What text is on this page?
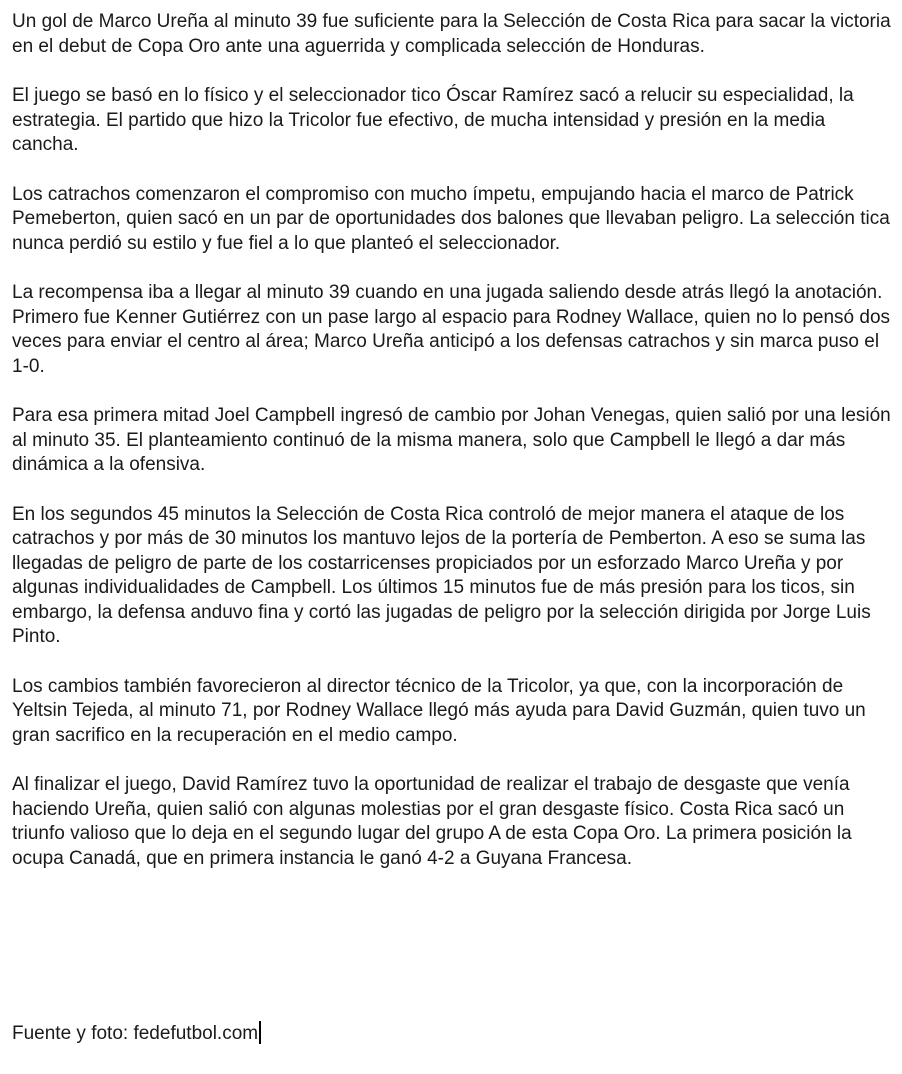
Un gol de Marco Ureña al minuto 39 fue suficiente para la Selección de Costa Rica para sacar la victoria en el debut de Copa Oro ante una aguerrida y complicada selección de Honduras.

El juego se basó en lo físico y el seleccionador tico Óscar Ramírez sacó a relucir su especialidad, la estrategia. El partido que hizo la Tricolor fue efectivo, de mucha intensidad y presión en la media cancha.

Los catrachos comenzaron el compromiso con mucho ímpetu, empujando hacia el marco de Patrick Pemeberton, quien sacó en un par de oportunidades dos balones que llevaban peligro. La selección tica nunca perdió su estilo y fue fiel a lo que planteó el seleccionador.

La recompensa iba a llegar al minuto 39 cuando en una jugada saliendo desde atrás llegó la anotación. Primero fue Kenner Gutiérrez con un pase largo al espacio para Rodney Wallace, quien no lo pensó dos veces para enviar el centro al área; Marco Ureña anticipó a los defensas catrachos y sin marca puso el 1-0.

Para esa primera mitad Joel Campbell ingresó de cambio por Johan Venegas, quien salió por una lesión al minuto 35. El planteamiento continuó de la misma manera, solo que Campbell le llegó a dar más dinámica a la ofensiva.

En los segundos 45 minutos la Selección de Costa Rica controló de mejor manera el ataque de los catrachos y por más de 30 minutos los mantuvo lejos de la portería de Pemberton. A eso se suma las llegadas de peligro de parte de los costarricenses propiciados por un esforzado Marco Ureña y por algunas individualidades de Campbell. Los últimos 15 minutos fue de más presión para los ticos, sin embargo, la defensa anduvo fina y cortó las jugadas de peligro por la selección dirigida por Jorge Luis Pinto.

Los cambios también favorecieron al director técnico de la Tricolor, ya que, con la incorporación de Yeltsin Tejeda, al minuto 71, por Rodney Wallace llegó más ayuda para David Guzmán, quien tuvo un gran sacrifico en la recuperación en el medio campo.

Al finalizar el juego, David Ramírez tuvo la oportunidad de realizar el trabajo de desgaste que venía haciendo Ureña, quien salió con algunas molestias por el gran desgaste físico. Costa Rica sacó un triunfo valioso que lo deja en el segundo lugar del grupo A de esta Copa Oro. La primera posición la ocupa Canadá, que en primera instancia le ganó 4-2 a Guyana Francesa.

Fuente y foto: fedefutbol.com
